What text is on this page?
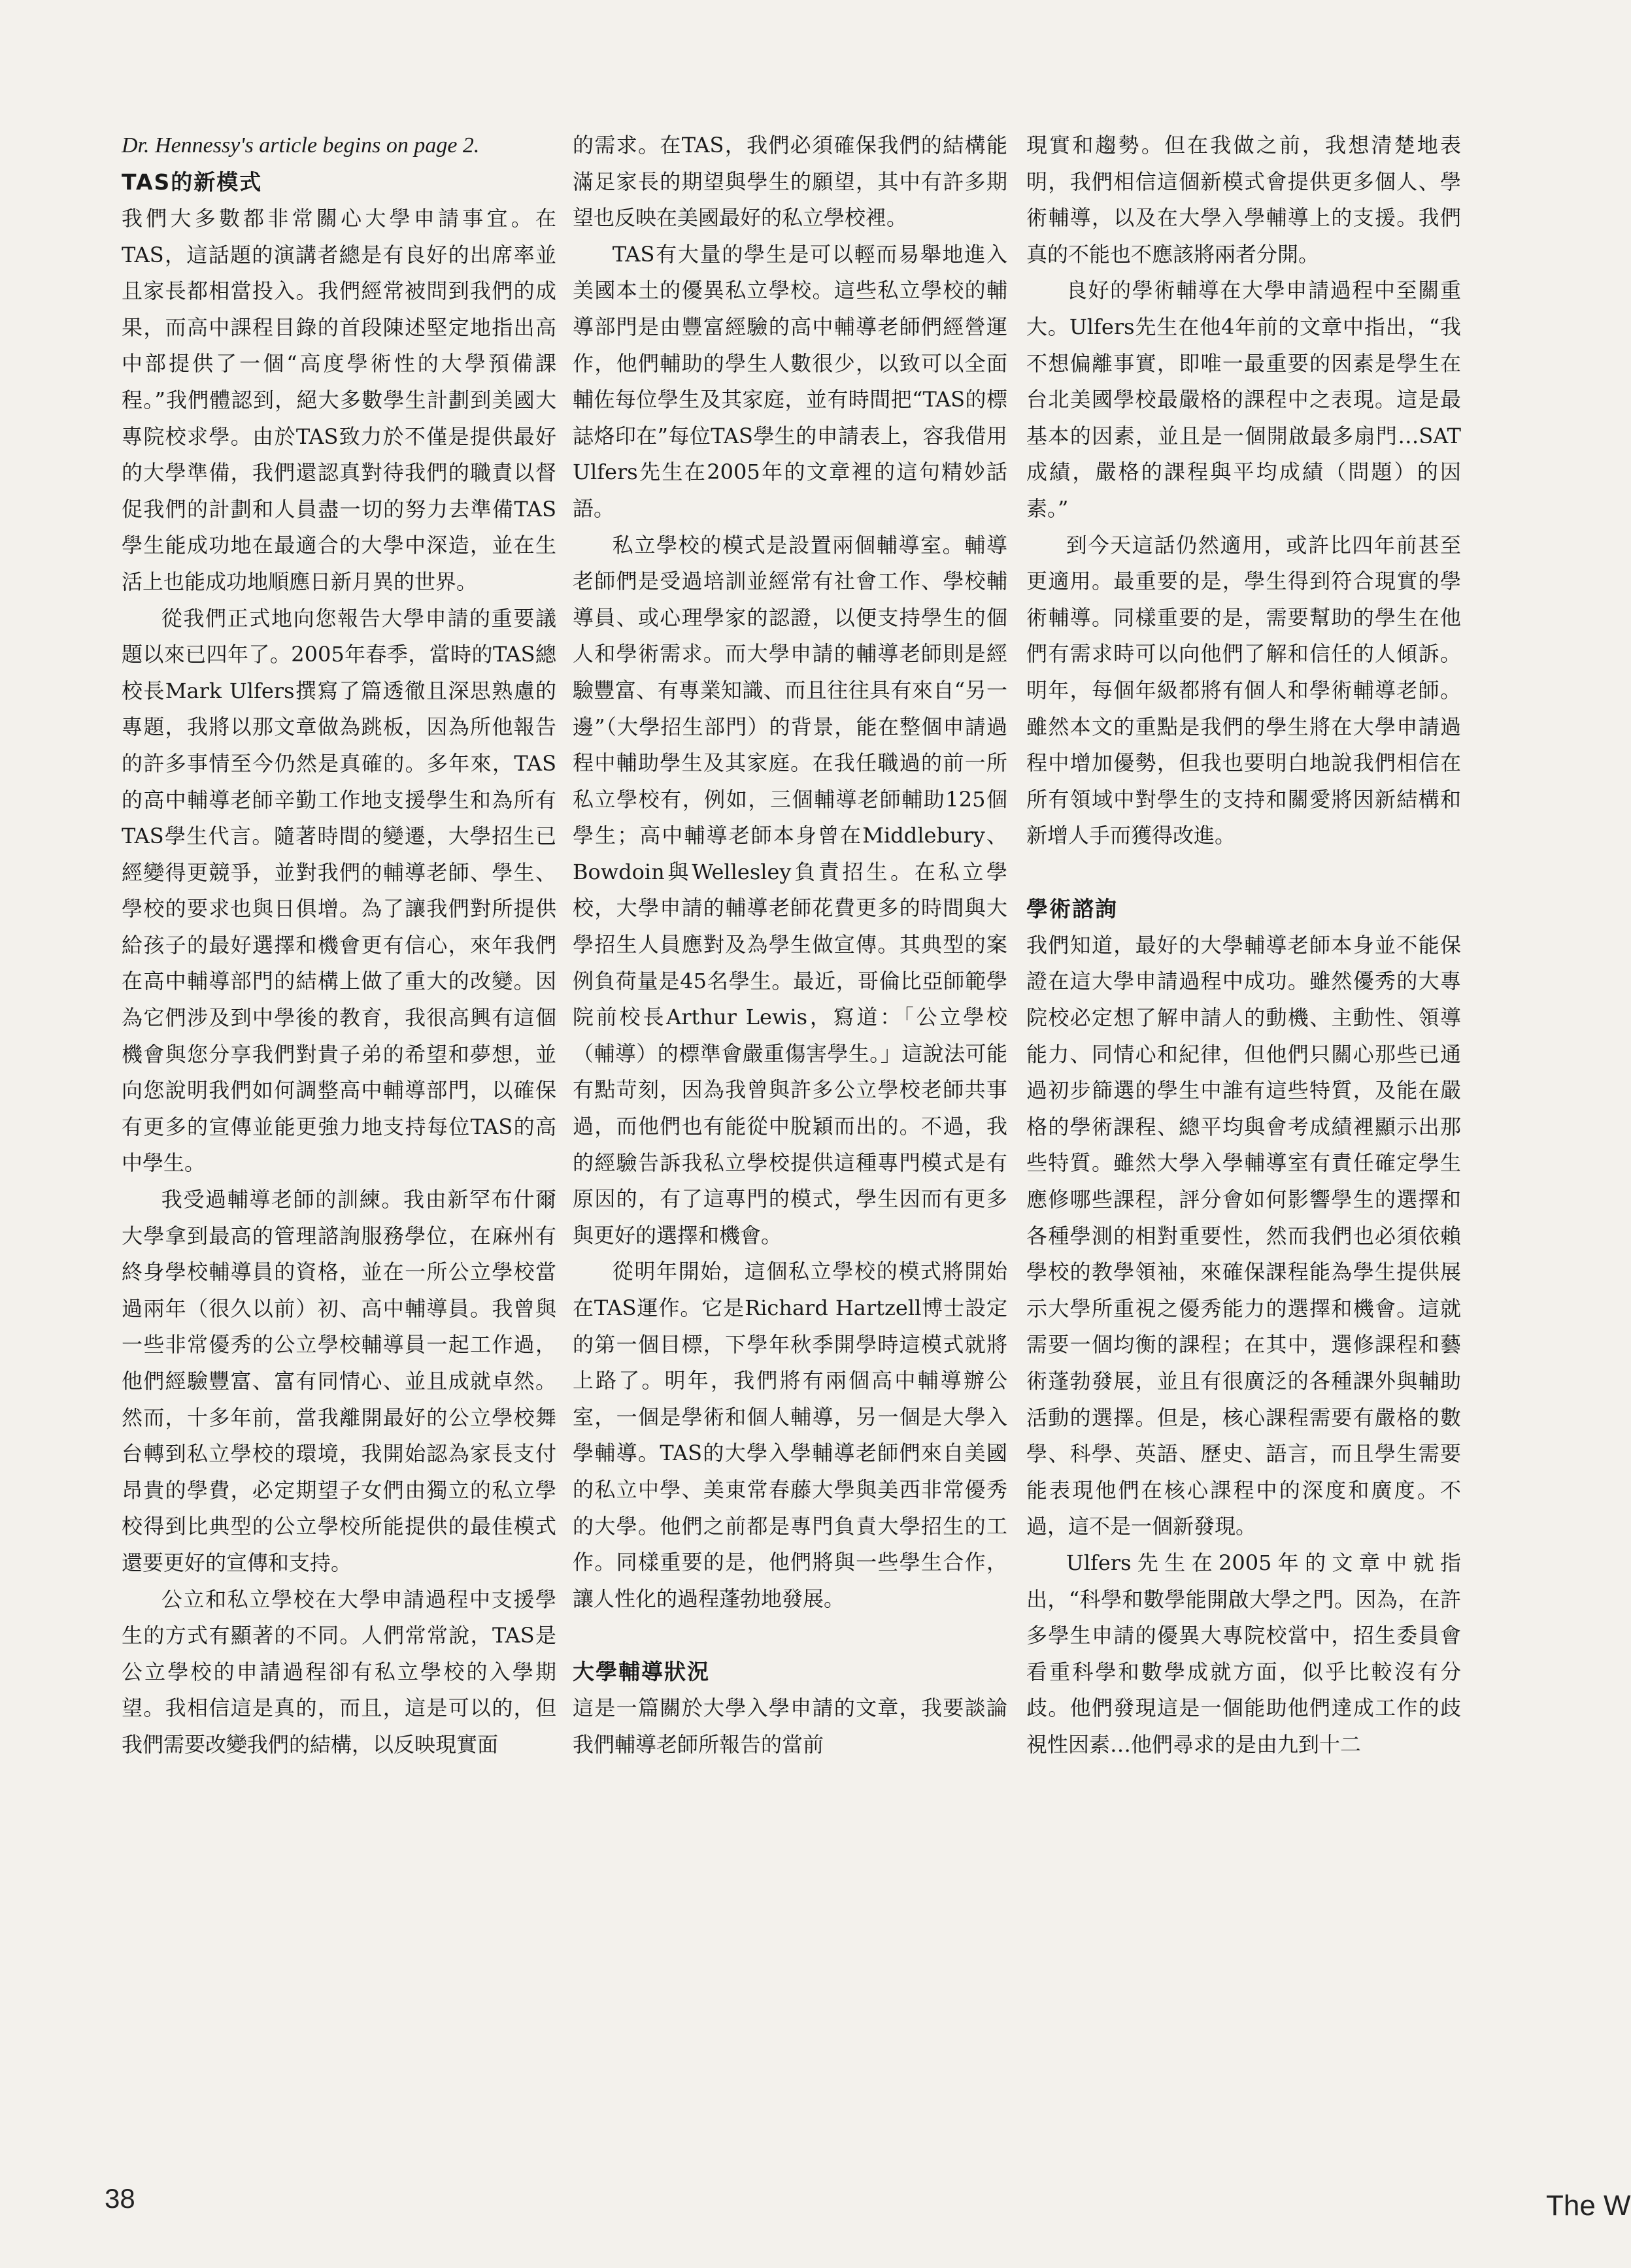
Dr. Hennessy's article begins on page 2.

TAS的新模式

我們大多數都非常關心大學申請事宜。在TAS，這話題的演講者總是有良好的出席率並且家長都相當投入。我們經常被問到我們的成果，而高中課程目錄的首段陳述堅定地指出高中部提供了一個“高度學術性的大學預備課程。”我們體認到，絕大多數學生計劃到美國大專院校求學。由於TAS致力於不僅是提供最好的大學準備，我們還認真對待我們的職責以督促我們的計劃和人員盡一切的努力去準備TAS學生能成功地在最適合的大學中深造，並在生活上也能成功地順應日新月異的世界。

從我們正式地向您報告大學申請的重要議題以來已四年了。2005年春季，當時的TAS總校長Mark Ulfers撰寫了篇透徹且深思熟慮的專題，我將以那文章做為跳板，因為所他報告的許多事情至今仍然是真確的。多年來，TAS的高中輔導老師辛勤工作地支援學生和為所有TAS學生代言。隨著時間的變遷，大學招生已經變得更競爭，並對我們的輔導老師、學生、學校的要求也與日俱增。為了讓我們對所提供給孩子的最好選擇和機會更有信心，來年我們在高中輔導部門的結構上做了重大的改變。因為它們涉及到中學後的教育，我很高興有這個機會與您分享我們對貴子弟的希望和夢想，並向您說明我們如何調整高中輔導部門，以確保有更多的宣傳並能更強力地支持每位TAS的高中學生。

我受過輔導老師的訓練。我由新罕布什爾大學拿到最高的管理諮詢服務學位，在麻州有終身學校輔導員的資格，並在一所公立學校當過兩年（很久以前）初、高中輔導員。我曾與一些非常優秀的公立學校輔導員一起工作過，他們經驗豐富、富有同情心、並且成就卓然。然而，十多年前，當我離開最好的公立學校舞台轉到私立學校的環境，我開始認為家長支付昂貴的學費，必定期望子女們由獨立的私立學校得到比典型的公立學校所能提供的最佳模式還要更好的宣傳和支持。

公立和私立學校在大學申請過程中支援學生的方式有顯著的不同。人們常常說，TAS是公立學校的申請過程卻有私立學校的入學期望。我相信這是真的，而且，這是可以的，但我們需要改變我們的結構，以反映現實面

的需求。在TAS，我們必須確保我們的結構能滿足家長的期望與學生的願望，其中有許多期望也反映在美國最好的私立學校裡。

TAS有大量的學生是可以輕而易舉地進入美國本土的優異私立學校。這些私立學校的輔導部門是由豐富經驗的高中輔導老師們經營運作，他們輔助的學生人數很少，以致可以全面輔佐每位學生及其家庭，並有時間把“TAS的標誌烙印在”每位TAS學生的申請表上，容我借用Ulfers先生在2005年的文章裡的這句精妙話語。

私立學校的模式是設置兩個輔導室。輔導老師們是受過培訓並經常有社會工作、學校輔導員、或心理學家的認證，以便支持學生的個人和學術需求。而大學申請的輔導老師則是經驗豐富、有專業知識、而且往往具有來自“另一邊”（大學招生部門）的背景，能在整個申請過程中輔助學生及其家庭。在我任職過的前一所私立學校有，例如，三個輔導老師輔助125個學生；高中輔導老師本身曾在Middlebury、 Bowdoin與Wellesley負責招生。在私立學校，大學申請的輔導老師花費更多的時間與大學招生人員應對及為學生做宣傳。其典型的案例負荷量是45名學生。最近，哥倫比亞師範學院前校長Arthur Lewis，寫道：「公立學校（輔導）的標準會嚴重傷害學生。」這說法可能有點苛刻，因為我曾與許多公立學校老師共事過，而他們也有能從中脫穎而出的。不過，我的經驗告訴我私立學校提供這種專門模式是有原因的，有了這專門的模式，學生因而有更多與更好的選擇和機會。

從明年開始，這個私立學校的模式將開始在TAS運作。它是Richard Hartzell博士設定的第一個目標，下學年秋季開學時這模式就將上路了。明年，我們將有兩個高中輔導辦公室，一個是學術和個人輔導，另一個是大學入學輔導。TAS的大學入學輔導老師們來自美國的私立中學、美東常春藤大學與美西非常優秀的大學。他們之前都是專門負責大學招生的工作。同樣重要的是，他們將與一些學生合作，讓人性化的過程蓬勃地發展。

大學輔導狀況

這是一篇關於大學入學申請的文章，我要談論我們輔導老師所報告的當前

現實和趨勢。但在我做之前，我想清楚地表明，我們相信這個新模式會提供更多個人、學術輔導，以及在大學入學輔導上的支援。我們真的不能也不應該將兩者分開。

良好的學術輔導在大學申請過程中至關重大。Ulfers先生在他4年前的文章中指出，“我不想偏離事實，即唯一最重要的因素是學生在台北美國學校最嚴格的課程中之表現。這是最基本的因素，並且是一個開啟最多扇門…SAT成績，嚴格的課程與平均成績（問題）的因素。”

到今天這話仍然適用，或許比四年前甚至更適用。最重要的是，學生得到符合現實的學術輔導。同樣重要的是，需要幫助的學生在他們有需求時可以向他們了解和信任的人傾訴。明年，每個年級都將有個人和學術輔導老師。雖然本文的重點是我們的學生將在大學申請過程中增加優勢，但我也要明白地說我們相信在所有領域中對學生的支持和關愛將因新結構和新增人手而獲得改進。

學術諮詢

我們知道，最好的大學輔導老師本身並不能保證在這大學申請過程中成功。雖然優秀的大專院校必定想了解申請人的動機、主動性、領導能力、同情心和紀律，但他們只關心那些已通過初步篩選的學生中誰有這些特質，及能在嚴格的學術課程、總平均與會考成績裡顯示出那些特質。雖然大學入學輔導室有責任確定學生應修哪些課程，評分會如何影響學生的選擇和各種學測的相對重要性，然而我們也必須依賴學校的教學領袖，來確保課程能為學生提供展示大學所重視之優秀能力的選擇和機會。這就需要一個均衡的課程；在其中，選修課程和藝術蓬勃發展，並且有很廣泛的各種課外與輔助活動的選擇。但是，核心課程需要有嚴格的數學、科學、英語、歷史、語言，而且學生需要能表現他們在核心課程中的深度和廣度。不過，這不是一個新發現。

Ulfers先生在2005年的文章中就指出，“科學和數學能開啟大學之門。因為，在許多學生申請的優異大專院校當中，招生委員會看重科學和數學成就方面，似乎比較沒有分歧。他們發現這是一個能助他們達成工作的歧視性因素…他們尋求的是由九到十二

38	The W
